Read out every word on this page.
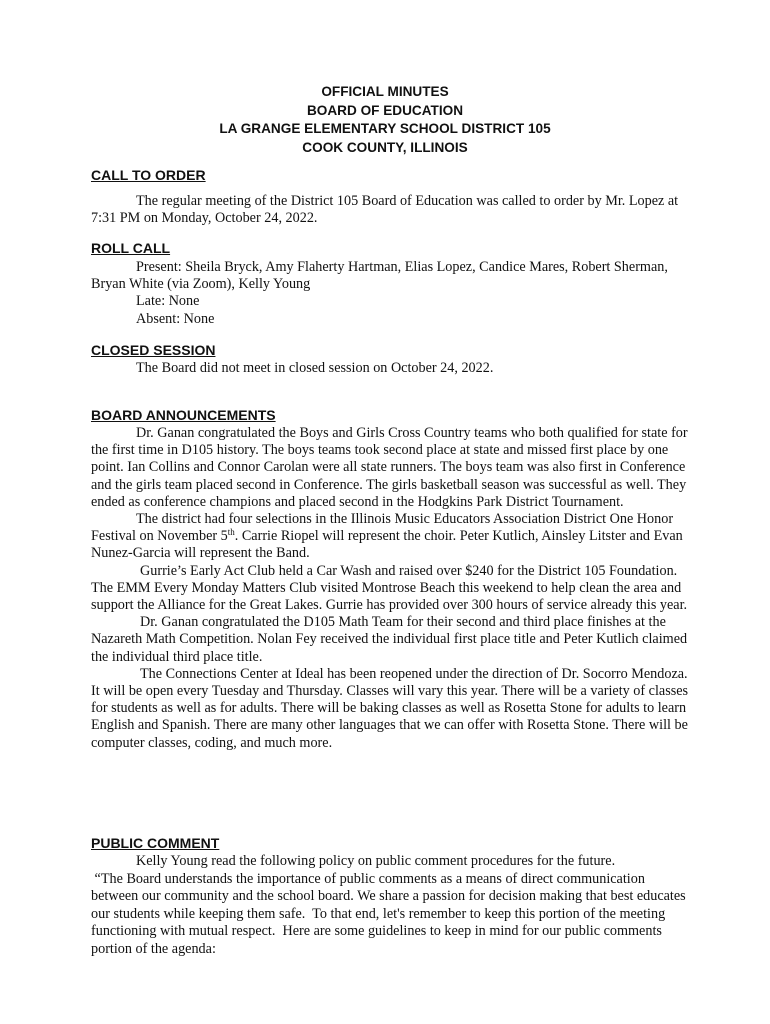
OFFICIAL MINUTES
BOARD OF EDUCATION
LA GRANGE ELEMENTARY SCHOOL DISTRICT 105
COOK COUNTY, ILLINOIS
CALL TO ORDER

The regular meeting of the District 105 Board of Education was called to order by Mr. Lopez at 7:31 PM on Monday, October 24, 2022.

ROLL CALL

Present: Sheila Bryck, Amy Flaherty Hartman, Elias Lopez, Candice Mares, Robert Sherman, Bryan White (via Zoom), Kelly Young

Late: None

Absent: None

CLOSED SESSION

The Board did not meet in closed session on October 24, 2022.

BOARD ANNOUNCEMENTS

Dr. Ganan congratulated the Boys and Girls Cross Country teams who both qualified for state for the first time in D105 history. The boys teams took second place at state and missed first place by one point. Ian Collins and Connor Carolan were all state runners. The boys team was also first in Conference and the girls team placed second in Conference. The girls basketball season was successful as well. They ended as conference champions and placed second in the Hodgkins Park District Tournament.

The district had four selections in the Illinois Music Educators Association District One Honor Festival on November 5th. Carrie Riopel will represent the choir. Peter Kutlich, Ainsley Litster and Evan Nunez-Garcia will represent the Band.

Gurrie’s Early Act Club held a Car Wash and raised over $240 for the District 105 Foundation. The EMM Every Monday Matters Club visited Montrose Beach this weekend to help clean the area and support the Alliance for the Great Lakes. Gurrie has provided over 300 hours of service already this year.

Dr. Ganan congratulated the D105 Math Team for their second and third place finishes at the Nazareth Math Competition. Nolan Fey received the individual first place title and Peter Kutlich claimed the individual third place title.

The Connections Center at Ideal has been reopened under the direction of Dr. Socorro Mendoza. It will be open every Tuesday and Thursday. Classes will vary this year. There will be a variety of classes for students as well as for adults. There will be baking classes as well as Rosetta Stone for adults to learn English and Spanish. There are many other languages that we can offer with Rosetta Stone. There will be computer classes, coding, and much more.

PUBLIC COMMENT

Kelly Young read the following policy on public comment procedures for the future.

“The Board understands the importance of public comments as a means of direct communication between our community and the school board. We share a passion for decision making that best educates our students while keeping them safe.  To that end, let's remember to keep this portion of the meeting functioning with mutual respect.  Here are some guidelines to keep in mind for our public comments portion of the agenda:
